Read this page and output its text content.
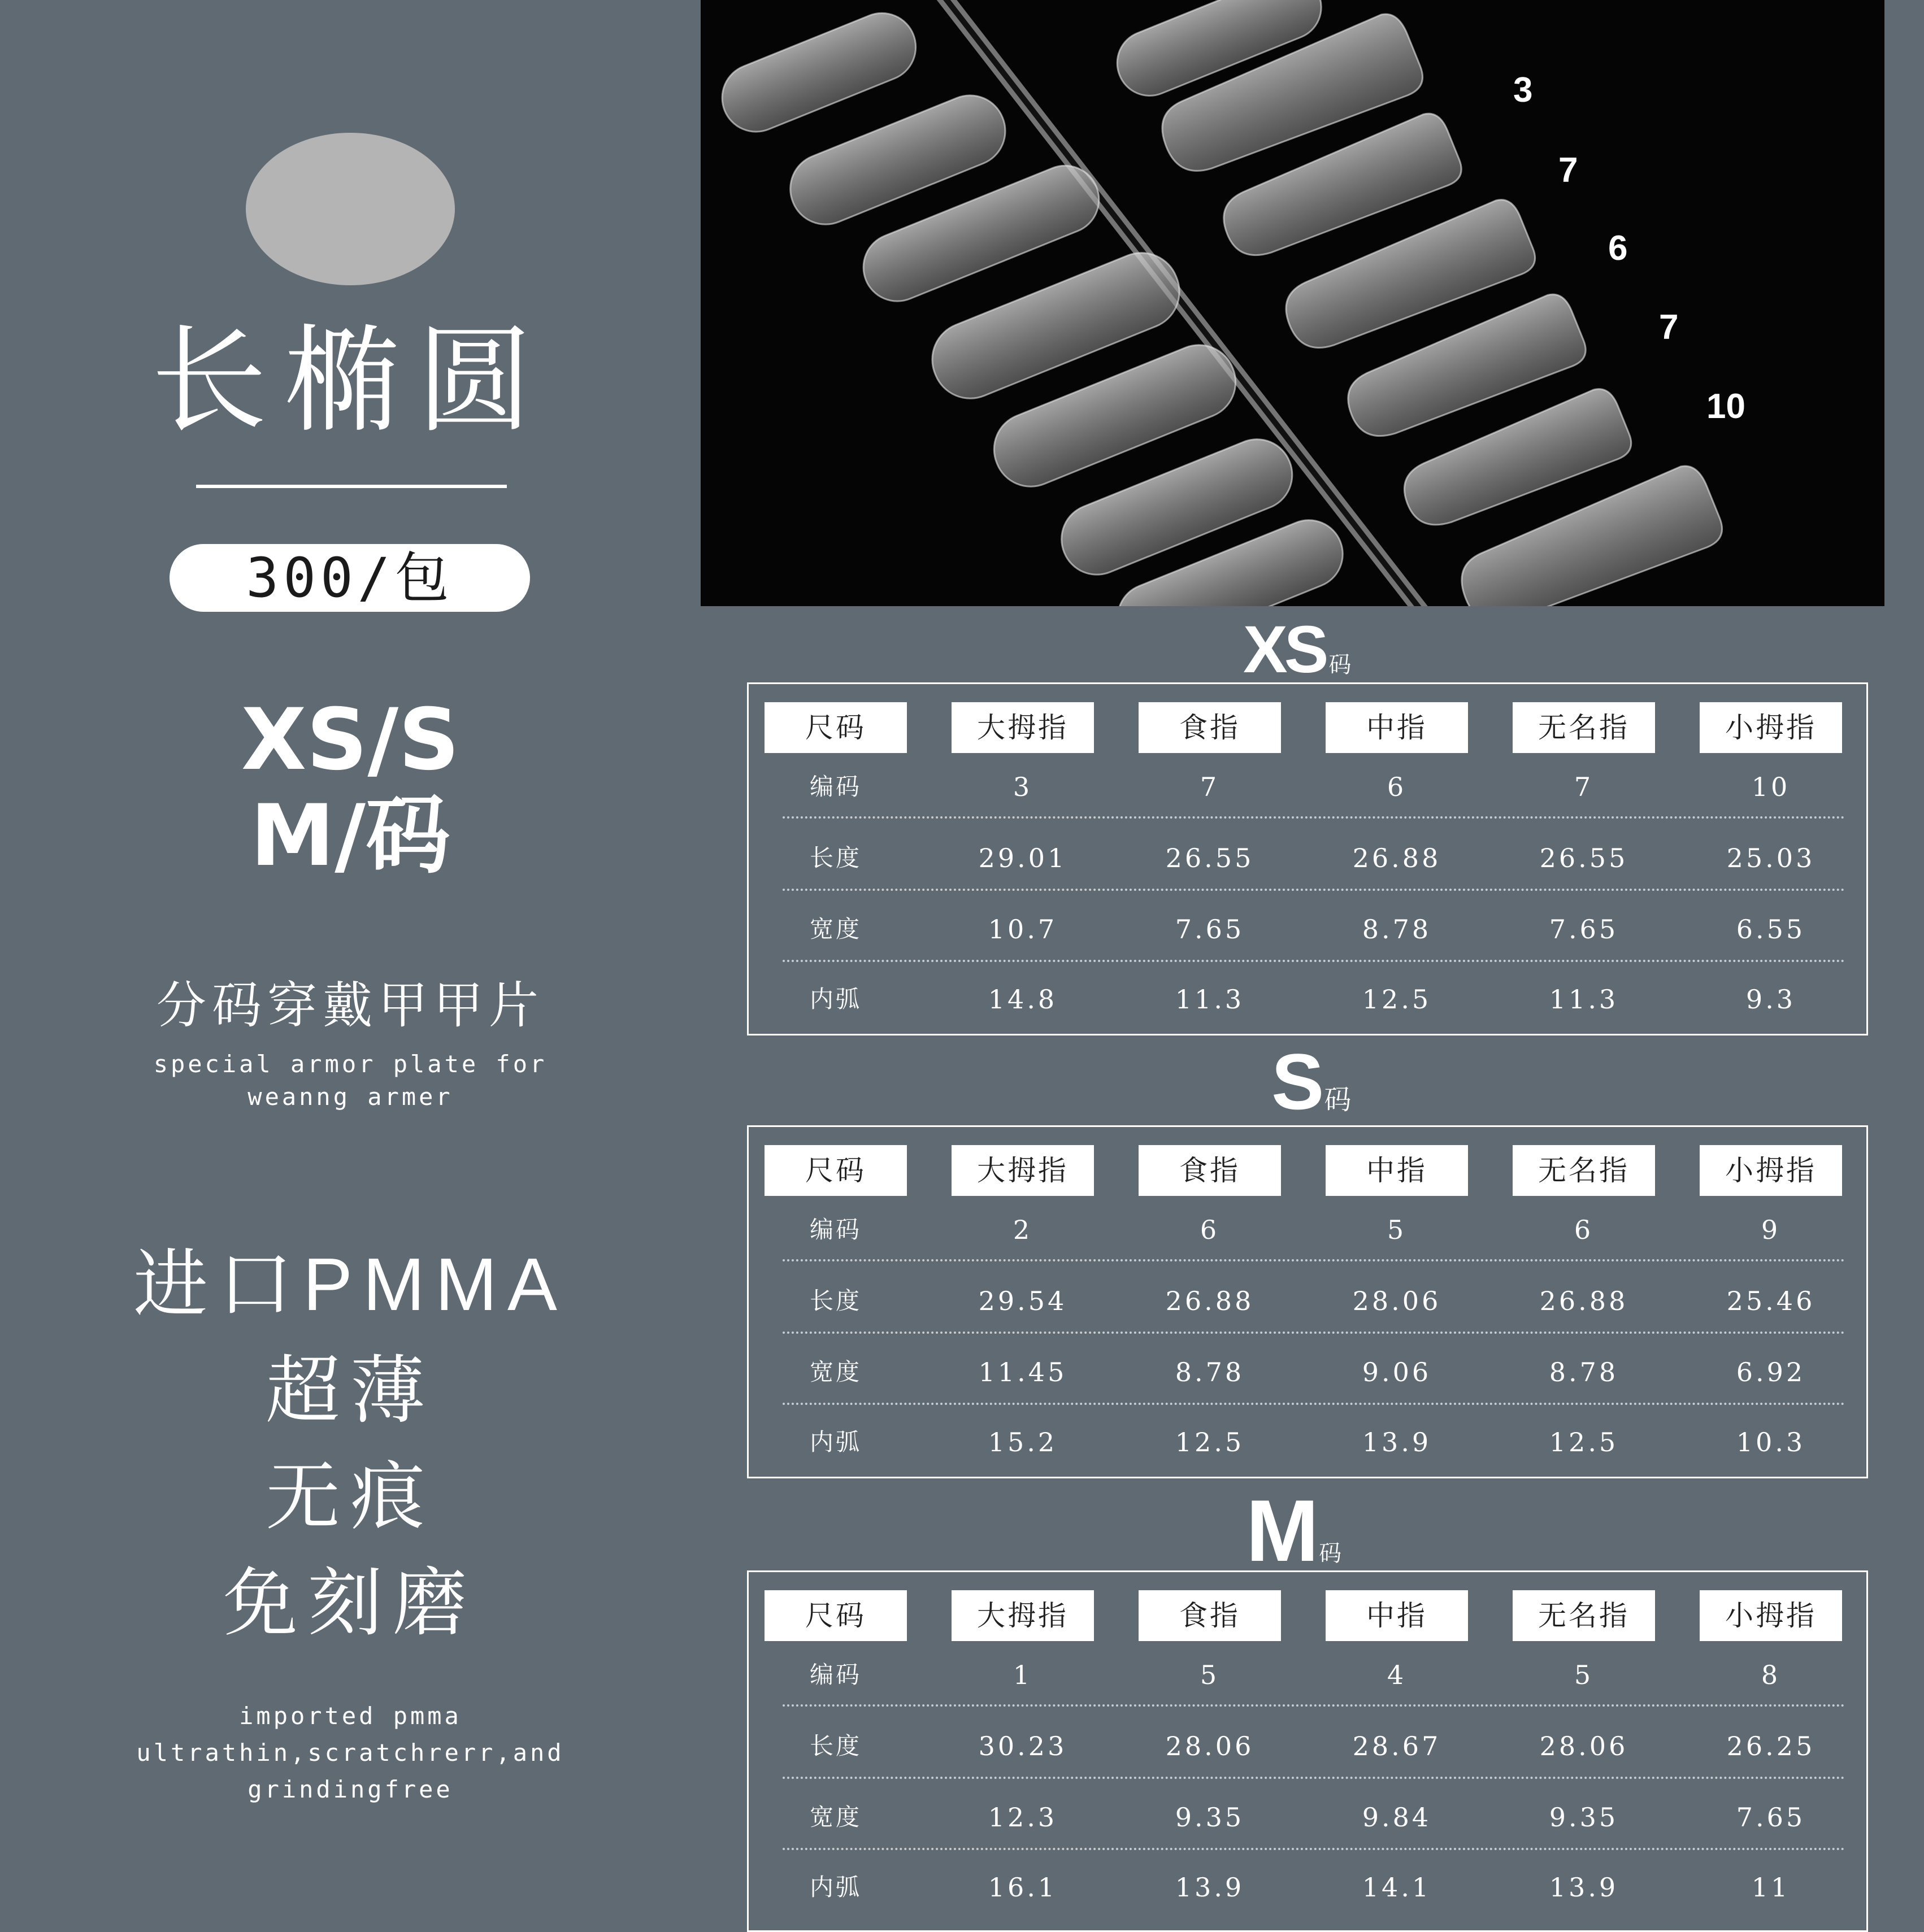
长椭圆
300/包
XS/S
M/码
分码穿戴甲甲片
special armor plate for
weanng armer
进口PMMA
超薄
无痕
免刻磨
imported pmma
ultrathin,scratchrerr,and
grindingfree
3
7
6
7
10
XS 码
尺码	大拇指	食指	中指	无名指	小拇指
编码	3	7	6	7	10
长度	29.01	26.55	26.88	26.55	25.03
宽度	10.7	7.65	8.78	7.65	6.55
内弧	14.8	11.3	12.5	11.3	9.3
S码
尺码	大拇指	食指	中指	无名指	小拇指
编码	2	6	5	6	9
长度	29.54	26.88	28.06	26.88	25.46
宽度	11.45	8.78	9.06	8.78	6.92
内弧	15.2	12.5	13.9	12.5	10.3
M码
尺码	大拇指	食指	中指	无名指	小拇指
编码	1	5	4	5	8
长度	30.23	28.06	28.67	28.06	26.25
宽度	12.3	9.35	9.84	9.35	7.65
内弧	16.1	13.9	14.1	13.9	11
